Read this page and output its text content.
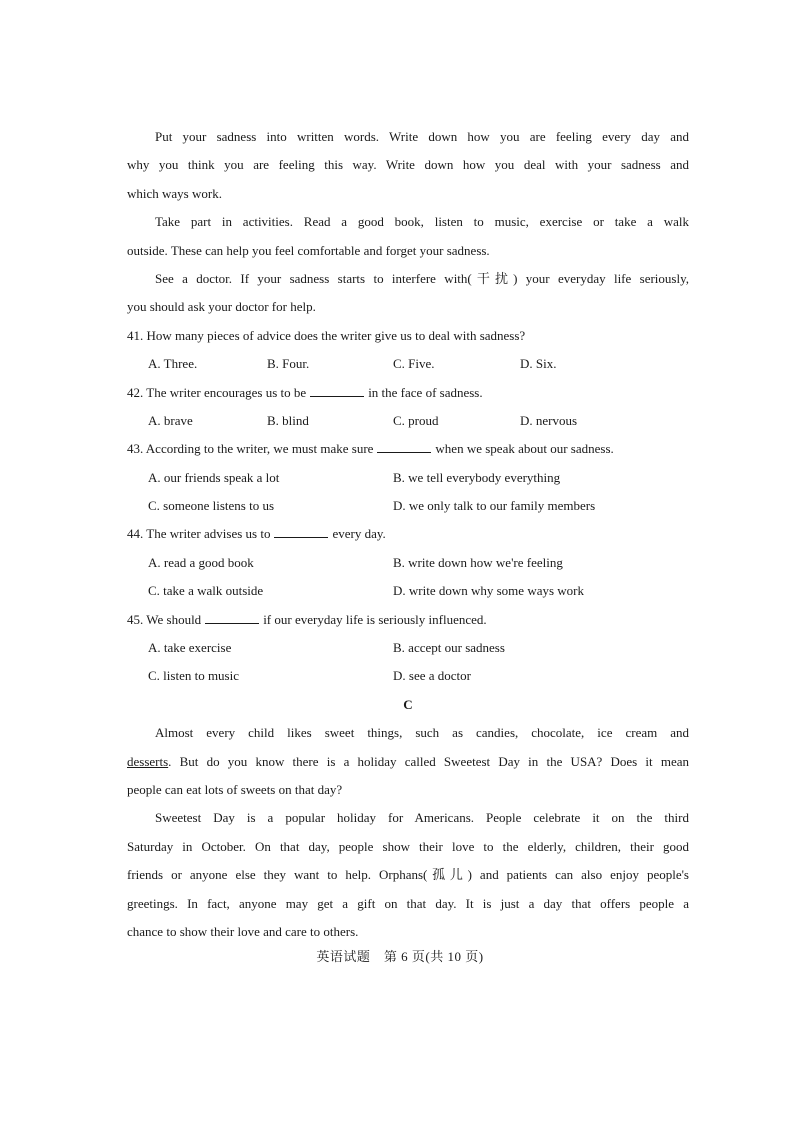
Put your sadness into written words. Write down how you are feeling every day and
why you think you are feeling this way. Write down how you deal with your sadness and
which ways work.
Take part in activities. Read a good book, listen to music, exercise or take a walk
outside. These can help you feel comfortable and forget your sadness.
See a doctor. If your sadness starts to interfere with(干扰) your everyday life seriously,
you should ask your doctor for help.
41. How many pieces of advice does the writer give us to deal with sadness?
A. Three.	B. Four.	C. Five.	D. Six.
42. The writer encourages us to be	in the face of sadness.
A. brave	B. blind	C. proud	D. nervous
43. According to the writer, we must make sure	when we speak about our sadness.
A. our friends speak a lot	B. we tell everybody everything
C. someone listens to us	D. we only talk to our family members
44. The writer advises us to	every day.
A. read a good book	B. write down how we're feeling
C. take a walk outside	D. write down why some ways work
45. We should	if our everyday life is seriously influenced.
A. take exercise	B. accept our sadness
C. listen to music	D. see a doctor
C
Almost every child likes sweet things, such as candies, chocolate, ice cream and
desserts. But do you know there is a holiday called Sweetest Day in the USA? Does it mean
people can eat lots of sweets on that day?
Sweetest Day is a popular holiday for Americans. People celebrate it on the third
Saturday in October. On that day, people show their love to the elderly, children, their good
friends or anyone else they want to help. Orphans(孤儿) and patients can also enjoy people's
greetings. In fact, anyone may get a gift on that day. It is just a day that offers people a
chance to show their love and care to others.
英语试题　第 6 页(共 10 页)
